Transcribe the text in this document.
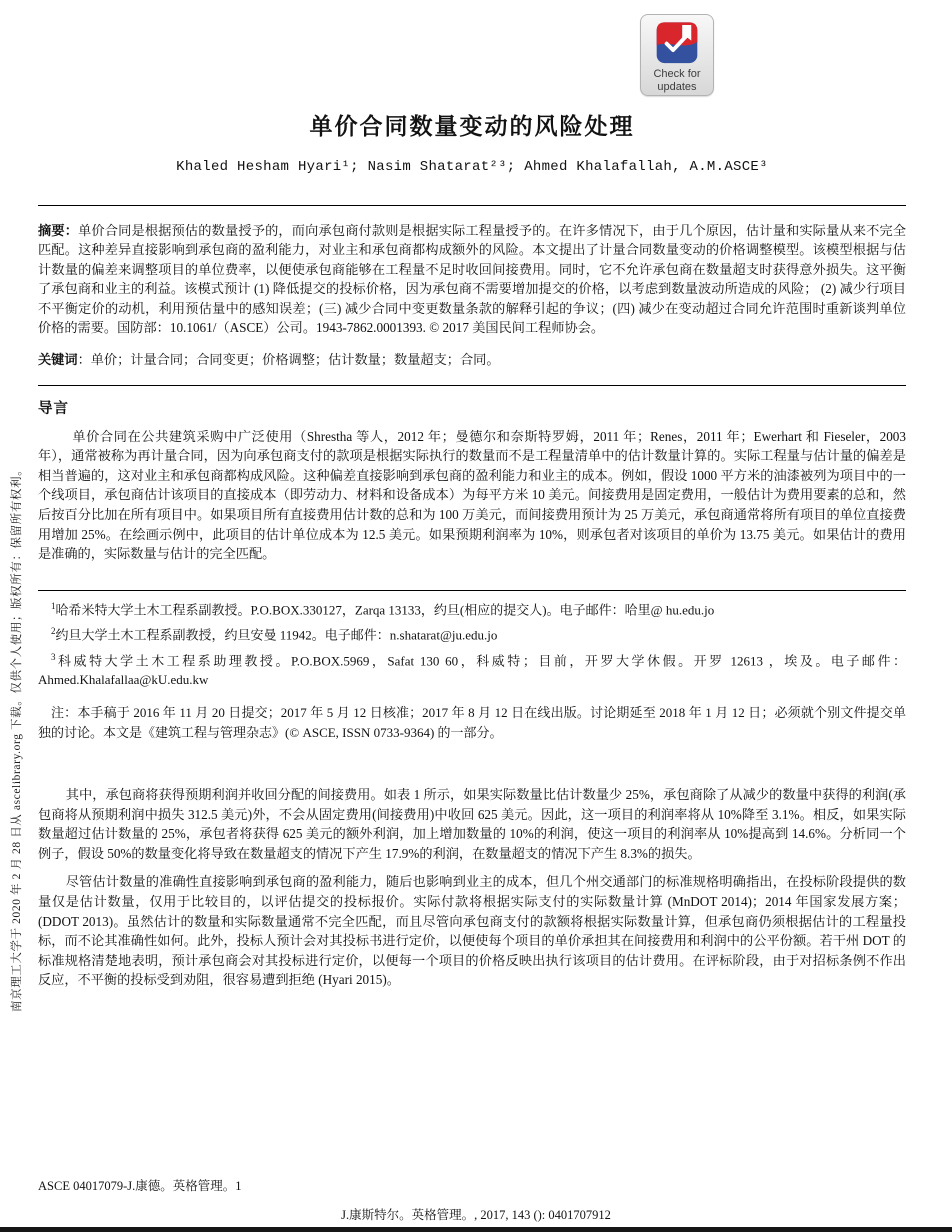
南京理工大学于 2020 年 2 月 28 日从 ascelibrary.org 下载。仅供个人使用；版权所有：保留所有权利。
Check for
updates
单价合同数量变动的风险处理
Khaled Hesham Hyari¹; Nasim Shatarat²³; Ahmed Khalafallah, A.M.ASCE³

摘要：单价合同是根据预估的数量授予的，而向承包商付款则是根据实际工程量授予的。在许多情况下，由于几个原因，估计量和实际量从来不完全匹配。这种差异直接影响到承包商的盈利能力，对业主和承包商都构成额外的风险。本文提出了计量合同数量变动的价格调整模型。该模型根据与估计数量的偏差来调整项目的单位费率，以便使承包商能够在工程量不足时收回间接费用。同时，它不允许承包商在数量超支时获得意外损失。这平衡了承包商和业主的利益。该模式预计 (1) 降低提交的投标价格，因为承包商不需要增加提交的价格，以考虑到数量波动所造成的风险； (2) 减少行项目不平衡定价的动机，利用预估量中的感知误差；(三) 减少合同中变更数量条款的解释引起的争议；(四) 减少在变动超过合同允许范围时重新谈判单位价格的需要。国防部：10.1061/（ASCE）公司。1943-7862.0001393. © 2017 美国民间工程师协会。

关键词：单价；计量合同；合同变更；价格调整；估计数量；数量超支；合同。

导言

单价合同在公共建筑采购中广泛使用（Shrestha 等人，2012 年；曼德尔和奈斯特罗姆，2011 年；Renes，2011 年；Ewerhart 和 Fieseler，2003 年），通常被称为再计量合同，因为向承包商支付的款项是根据实际执行的数量而不是工程量清单中的估计数量计算的。实际工程量与估计量的偏差是相当普遍的，这对业主和承包商都构成风险。这种偏差直接影响到承包商的盈利能力和业主的成本。例如，假设 1000 平方米的油漆被列为项目中的一个线项目，承包商估计该项目的直接成本（即劳动力、材料和设备成本）为每平方米 10 美元。间接费用是固定费用，一般估计为费用要素的总和，然后按百分比加在所有项目中。如果项目所有直接费用估计数的总和为 100 万美元，而间接费用预计为 25 万美元，承包商通常将所有项目的单位直接费用增加 25%。在绘画示例中，此项目的估计单位成本为 12.5 美元。如果预期利润率为 10%，则承包者对该项目的单价为 13.75 美元。如果估计的费用是准确的，实际数量与估计的完全匹配。

$^1$哈希米特大学土木工程系副教授。P.O.BOX.330127，Zarqa 13133，约旦(相应的提交人)。电子邮件：哈里@ hu.edu.jo

$^2$约旦大学土木工程系副教授，约旦安曼 11942。电子邮件：n.shatarat@ju.edu.jo

$^3$科威特大学土木工程系助理教授。P.O.BOX.5969，Safat 130 60，科威特；目前，开罗大学休假。开罗 12613 ，埃及。电子邮件：Ahmed.Khalafallaa@kU.edu.kw

注：本手稿于 2016 年 11 月 20 日提交；2017 年 5 月 12 日核准；2017 年 8 月 12 日在线出版。讨论期延至 2018 年 1 月 12 日；必须就个别文件提交单独的讨论。本文是《建筑工程与管理杂志》(© ASCE, ISSN 0733-9364) 的一部分。

其中，承包商将获得预期利润并收回分配的间接费用。如表 1 所示，如果实际数量比估计数量少 25%，承包商除了从减少的数量中获得的利润(承包商将从预期利润中损失 312.5 美元)外，不会从固定费用(间接费用)中收回 625 美元。因此，这一项目的利润率将从 10%降至 3.1%。相反，如果实际数量超过估计数量的 25%，承包者将获得 625 美元的额外利润，加上增加数量的 10%的利润，使这一项目的利润率从 10%提高到 14.6%。分析同一个例子，假设 50%的数量变化将导致在数量超支的情况下产生 17.9%的利润，在数量超支的情况下产生 8.3%的损失。

尽管估计数量的准确性直接影响到承包商的盈利能力，随后也影响到业主的成本，但几个州交通部门的标准规格明确指出，在投标阶段提供的数量仅是估计数量，仅用于比较目的，以评估提交的投标报价。实际付款将根据实际支付的实际数量计算 (MnDOT 2014)；2014 年国家发展方案； (DDOT 2013)。虽然估计的数量和实际数量通常不完全匹配，而且尽管向承包商支付的款额将根据实际数量计算，但承包商仍须根据估计的工程量投标，而不论其准确性如何。此外，投标人预计会对其投标书进行定价，以便使每个项目的单价承担其在间接费用和利润中的公平份额。若干州 DOT 的标准规格清楚地表明，预计承包商会对其投标进行定价，以便每一个项目的价格反映出执行该项目的估计费用。在评标阶段，由于对招标条例不作出反应，不平衡的投标受到劝阻，很容易遭到拒绝 (Hyari 2015)。

ASCE 04017079-J.康德。英格管理。1
J.康斯特尔。英格管理。, 2017, 143 (): 0401707912
